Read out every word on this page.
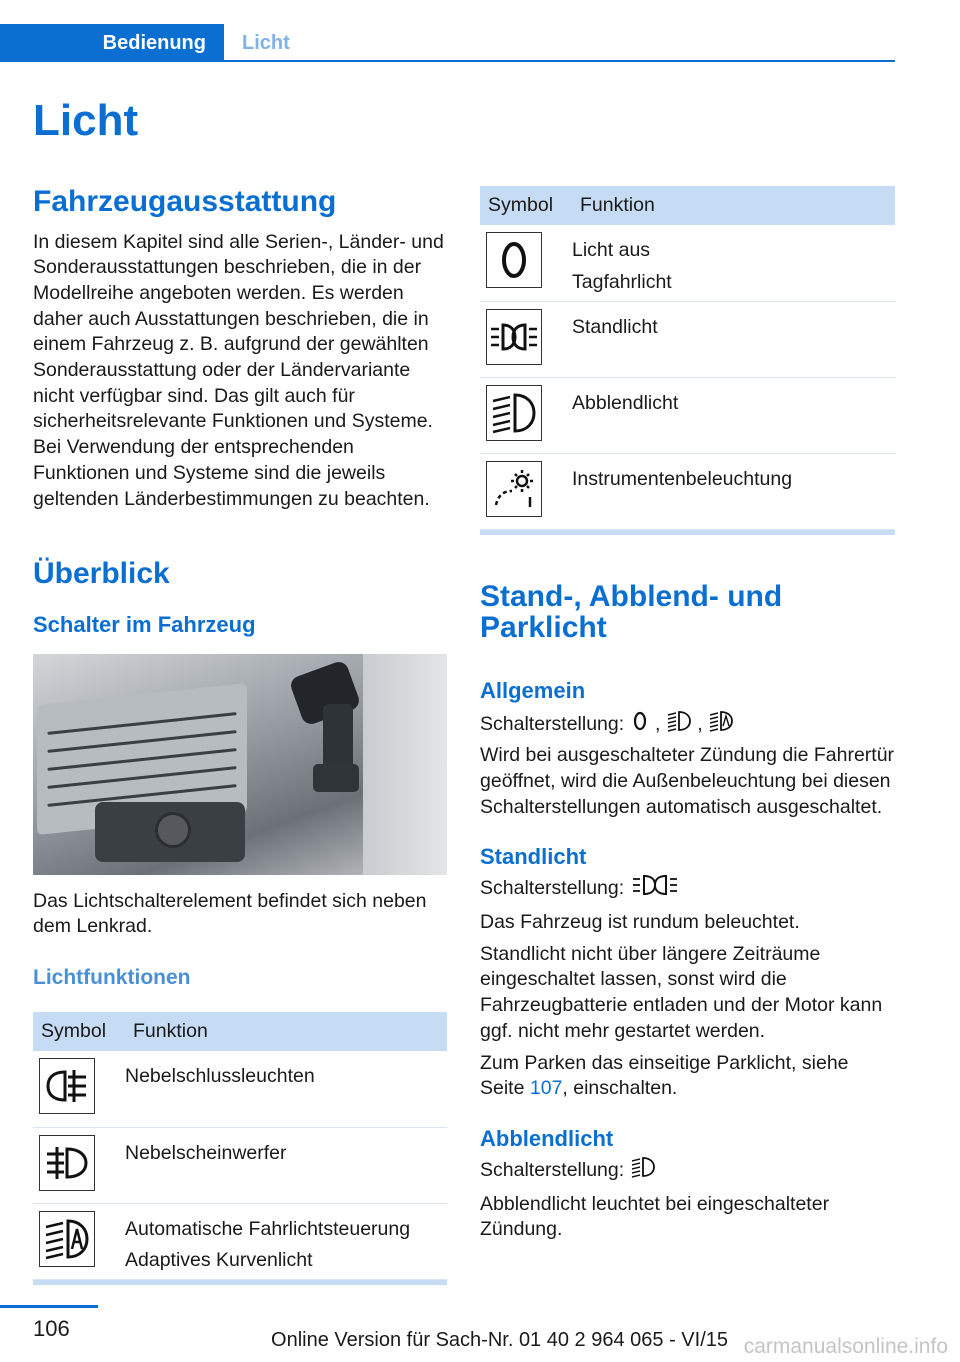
Bedienung	Licht
Licht
Fahrzeugausstattung

In diesem Kapitel sind alle Serien-, Länder- und Sonderausstattungen beschrieben, die in der Modellreihe angeboten werden. Es werden daher auch Ausstattungen beschrieben, die in einem Fahrzeug z. B. aufgrund der gewählten Sonderausstattung oder der Ländervariante nicht verfügbar sind. Das gilt auch für sicherheitsrelevante Funktionen und Systeme. Bei Verwendung der entsprechenden Funktionen und Systeme sind die jeweils geltenden Länderbestimmungen zu beachten.

Überblick
Schalter im Fahrzeug

Das Lichtschalterelement befindet sich neben dem Lenkrad.

Lichtfunktionen
Symbol	Funktion

Nebelschlussleuchten

Nebelscheinwerfer

Automatische Fahrlichtsteuerung
Adaptives Kurvenlicht
Symbol	Funktion

Licht aus
Tagfahrlicht

Standlicht

Abblendlicht

Instrumentenbeleuchtung
Stand-, Abblend- und Parklicht
Allgemein

Schalterstellung:  ,  ,

Wird bei ausgeschalteter Zündung die Fahrertür geöffnet, wird die Außenbeleuchtung bei diesen Schalterstellungen automatisch ausgeschaltet.

Standlicht

Schalterstellung:

Das Fahrzeug ist rundum beleuchtet.

Standlicht nicht über längere Zeiträume eingeschaltet lassen, sonst wird die Fahrzeugbatterie entladen und der Motor kann ggf. nicht mehr gestartet werden.

Zum Parken das einseitige Parklicht, siehe Seite 107, einschalten.

Abblendlicht

Schalterstellung:

Abblendlicht leuchtet bei eingeschalteter Zündung.

106	Online Version für Sach-Nr. 01 40 2 964 065 - VI/15 carmanualsonline.info
